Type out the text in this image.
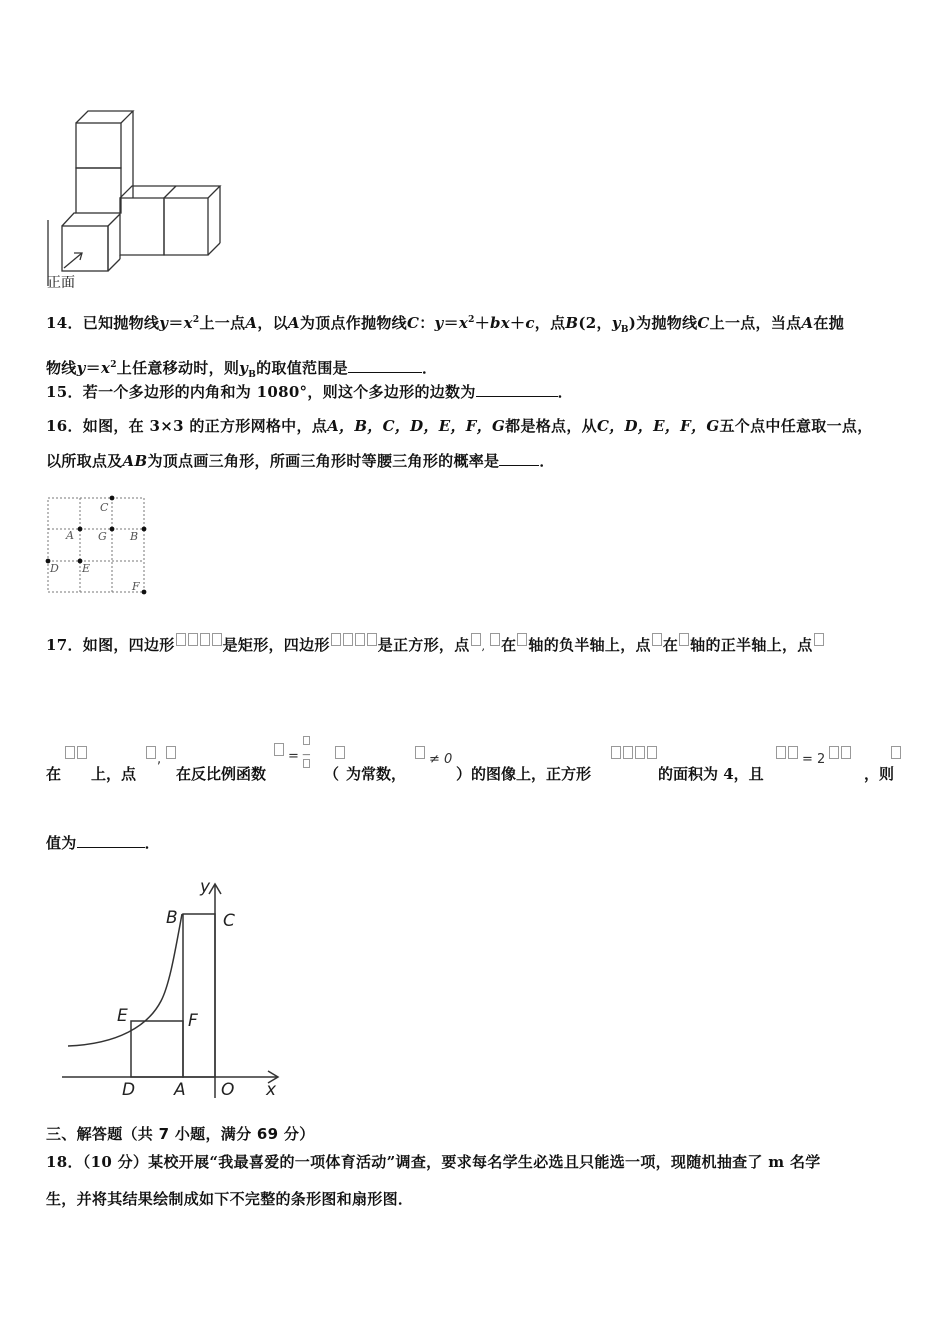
正面
14．已知抛物线$y=x^2$上一点A，以A为顶点作抛物线C：$y=x^2+bx+c$，点B(2，$y_B$)为抛物线C上一点，当点A在抛
物线$y=x^2$上任意移动时，则$y_B$的取值范围是	．
15．若一个多边形的内角和为 1080°，则这个多边形的边数为	．
16．如图，在 3×3 的正方形网格中，点A，B，C，D，E，F，G都是格点，从C，D，E，F，G五个点中任意取一点，
以所取点及AB为顶点画三角形，所画三角形时等腰三角形的概率是	．
C
A G B
D E
F
17．如图，四边形	是矩形，四边形	是正方形，点 , 在 轴的负半轴上，点 在 轴的正半轴上，点
,	= —	≠ 0	= 2
在 上，点	在反比例函数	（ 为常数，	）的图像上，正方形	的面积为 4，且	，则
值为	．
y
B	C
E	F
D A O x
三、解答题（共 7 小题，满分 69 分）
18．（10 分）某校开展“我最喜爱的一项体育活动”调查，要求每名学生必选且只能选一项，现随机抽查了 m 名学
生，并将其结果绘制成如下不完整的条形图和扇形图．
